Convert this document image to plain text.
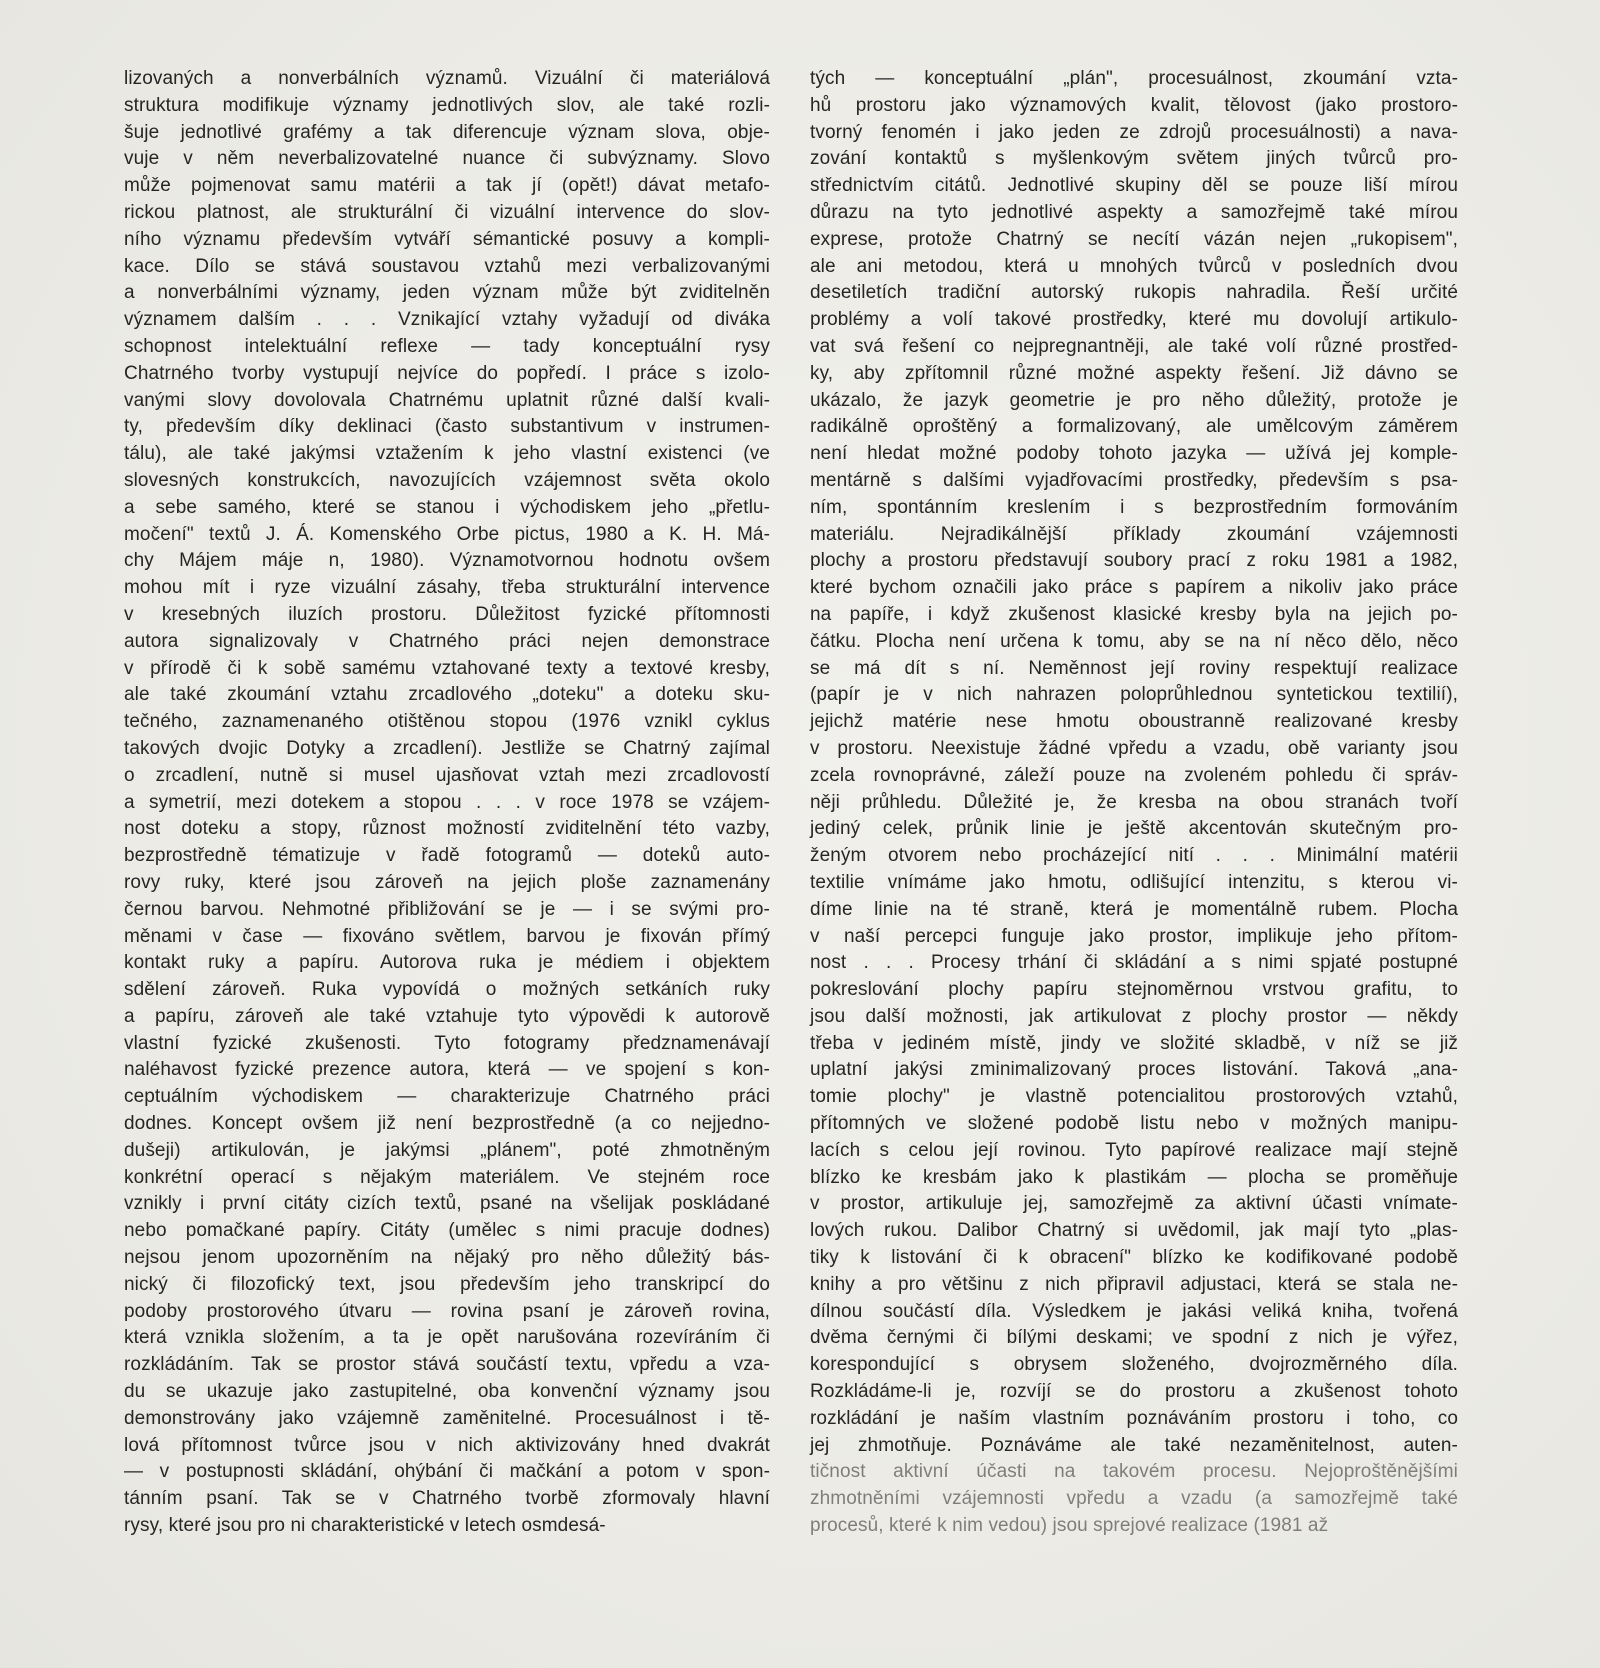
lizovaných a nonverbálních významů. Vizuální či materiálová
struktura modifikuje významy jednotlivých slov, ale také rozli-
šuje jednotlivé grafémy a tak diferencuje význam slova, obje-
vuje v něm neverbalizovatelné nuance či subvýznamy. Slovo
může pojmenovat samu matérii a tak jí (opět!) dávat metafo-
rickou platnost, ale strukturální či vizuální intervence do slov-
ního významu především vytváří sémantické posuvy a kompli-
kace. Dílo se stává soustavou vztahů mezi verbalizovanými
a nonverbálními významy, jeden význam může být zviditelněn
významem dalším . . . Vznikající vztahy vyžadují od diváka
schopnost intelektuální reflexe — tady konceptuální rysy
Chatrného tvorby vystupují nejvíce do popředí. I práce s izolo-
vanými slovy dovolovala Chatrnému uplatnit různé další kvali-
ty, především díky deklinaci (často substantivum v instrumen-
tálu), ale také jakýmsi vztažením k jeho vlastní existenci (ve
slovesných konstrukcích, navozujících vzájemnost světa okolo
a sebe samého, které se stanou i východiskem jeho „přetlu-
močení" textů J. Á. Komenského Orbe pictus, 1980 a K. H. Má-
chy Májem máje n, 1980). Významotvornou hodnotu ovšem
mohou mít i ryze vizuální zásahy, třeba strukturální intervence
v kresebných iluzích prostoru. Důležitost fyzické přítomnosti
autora signalizovaly v Chatrného práci nejen demonstrace
v přírodě či k sobě samému vztahované texty a textové kresby,
ale také zkoumání vztahu zrcadlového „doteku" a doteku sku-
tečného, zaznamenaného otištěnou stopou (1976 vznikl cyklus
takových dvojic Dotyky a zrcadlení). Jestliže se Chatrný zajímal
o zrcadlení, nutně si musel ujasňovat vztah mezi zrcadlovostí
a symetrií, mezi dotekem a stopou . . . v roce 1978 se vzájem-
nost doteku a stopy, různost možností zviditelnění této vazby,
bezprostředně tématizuje v řadě fotogramů — doteků auto-
rovy ruky, které jsou zároveň na jejich ploše zaznamenány
černou barvou. Nehmotné přibližování se je — i se svými pro-
měnami v čase — fixováno světlem, barvou je fixován přímý
kontakt ruky a papíru. Autorova ruka je médiem i objektem
sdělení zároveň. Ruka vypovídá o možných setkáních ruky
a papíru, zároveň ale také vztahuje tyto výpovědi k autorově
vlastní fyzické zkušenosti. Tyto fotogramy předznamenávají
naléhavost fyzické prezence autora, která — ve spojení s kon-
ceptuálním východiskem — charakterizuje Chatrného práci
dodnes. Koncept ovšem již není bezprostředně (a co nejjedno-
dušeji) artikulován, je jakýmsi „plánem", poté zhmotněným
konkrétní operací s nějakým materiálem. Ve stejném roce
vznikly i první citáty cizích textů, psané na všelijak poskládané
nebo pomačkané papíry. Citáty (umělec s nimi pracuje dodnes)
nejsou jenom upozorněním na nějaký pro něho důležitý bás-
nický či filozofický text, jsou především jeho transkripcí do
podoby prostorového útvaru — rovina psaní je zároveň rovina,
která vznikla složením, a ta je opět narušována rozevíráním či
rozkládáním. Tak se prostor stává součástí textu, vpředu a vza-
du se ukazuje jako zastupitelné, oba konvenční významy jsou
demonstrovány jako vzájemně zaměnitelné. Procesuálnost i tě-
lová přítomnost tvůrce jsou v nich aktivizovány hned dvakrát
— v postupnosti skládání, ohýbání či mačkání a potom v spon-
tánním psaní. Tak se v Chatrného tvorbě zformovaly hlavní
rysy, které jsou pro ni charakteristické v letech osmdesá-
tých — konceptuální „plán", procesuálnost, zkoumání vzta-
hů prostoru jako významových kvalit, tělovost (jako prostoro-
tvorný fenomén i jako jeden ze zdrojů procesuálnosti) a nava-
zování kontaktů s myšlenkovým světem jiných tvůrců pro-
střednictvím citátů. Jednotlivé skupiny děl se pouze liší mírou
důrazu na tyto jednotlivé aspekty a samozřejmě také mírou
exprese, protože Chatrný se necítí vázán nejen „rukopisem",
ale ani metodou, která u mnohých tvůrců v posledních dvou
desetiletích tradiční autorský rukopis nahradila. Řeší určité
problémy a volí takové prostředky, které mu dovolují artikulo-
vat svá řešení co nejpregnantněji, ale také volí různé prostřed-
ky, aby zpřítomnil různé možné aspekty řešení. Již dávno se
ukázalo, že jazyk geometrie je pro něho důležitý, protože je
radikálně oproštěný a formalizovaný, ale umělcovým záměrem
není hledat možné podoby tohoto jazyka — užívá jej komple-
mentárně s dalšími vyjadřovacími prostředky, především s psa-
ním, spontánním kreslením i s bezprostředním formováním
materiálu. Nejradikálnější příklady zkoumání vzájemnosti
plochy a prostoru představují soubory prací z roku 1981 a 1982,
které bychom označili jako práce s papírem a nikoliv jako práce
na papíře, i když zkušenost klasické kresby byla na jejich po-
čátku. Plocha není určena k tomu, aby se na ní něco dělo, něco
se má dít s ní. Neměnnost její roviny respektují realizace
(papír je v nich nahrazen poloprůhlednou syntetickou textilií),
jejichž matérie nese hmotu oboustranně realizované kresby
v prostoru. Neexistuje žádné vpředu a vzadu, obě varianty jsou
zcela rovnoprávné, záleží pouze na zvoleném pohledu či správ-
něji průhledu. Důležité je, že kresba na obou stranách tvoří
jediný celek, průnik linie je ještě akcentován skutečným pro-
ženým otvorem nebo procházející nití . . . Minimální matérii
textilie vnímáme jako hmotu, odlišující intenzitu, s kterou vi-
díme linie na té straně, která je momentálně rubem. Plocha
v naší percepci funguje jako prostor, implikuje jeho přítom-
nost . . . Procesy trhání či skládání a s nimi spjaté postupné
pokreslování plochy papíru stejnoměrnou vrstvou grafitu, to
jsou další možnosti, jak artikulovat z plochy prostor — někdy
třeba v jediném místě, jindy ve složité skladbě, v níž se již
uplatní jakýsi zminimalizovaný proces listování. Taková „ana-
tomie plochy" je vlastně potencialitou prostorových vztahů,
přítomných ve složené podobě listu nebo v možných manipu-
lacích s celou její rovinou. Tyto papírové realizace mají stejně
blízko ke kresbám jako k plastikám — plocha se proměňuje
v prostor, artikuluje jej, samozřejmě za aktivní účasti vnímate-
lových rukou. Dalibor Chatrný si uvědomil, jak mají tyto „plas-
tiky k listování či k obracení" blízko ke kodifikované podobě
knihy a pro většinu z nich připravil adjustaci, která se stala ne-
dílnou součástí díla. Výsledkem je jakási veliká kniha, tvořená
dvěma černými či bílými deskami; ve spodní z nich je výřez,
korespondující s obrysem složeného, dvojrozměrného díla.
Rozkládáme-li je, rozvíjí se do prostoru a zkušenost tohoto
rozkládání je naším vlastním poznáváním prostoru i toho, co
jej zhmotňuje. Poznáváme ale také nezaměnitelnost, auten-
tičnost aktivní účasti na takovém procesu. Nejoproštěnějšími
zhmotněními vzájemnosti vpředu a vzadu (a samozřejmě také
procesů, které k nim vedou) jsou sprejové realizace (1981 až
